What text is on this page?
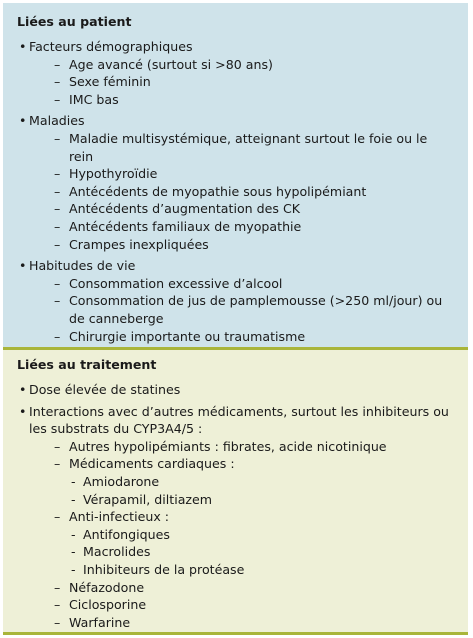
Liées au patient
• Facteurs démographiques
– Age avancé (surtout si >80 ans)
– Sexe féminin
– IMC bas
• Maladies
– Maladie multisystémique, atteignant surtout le foie ou le rein
– Hypothyroïdie
– Antécédents de myopathie sous hypolipémiant
– Antécédents d’augmentation des CK
– Antécédents familiaux de myopathie
– Crampes inexpliquées
• Habitudes de vie
– Consommation excessive d’alcool
– Consommation de jus de pamplemousse (>250 ml/jour) ou de canneberge
– Chirurgie importante ou traumatisme
Liées au traitement
• Dose élevée de statines
• Interactions avec d’autres médicaments, surtout les inhibiteurs ou les substrats du CYP3A4/5 :
– Autres hypolipémiants : fibrates, acide nicotinique
– Médicaments cardiaques :
- Amiodarone
- Vérapamil, diltiazem
– Anti-infectieux :
- Antifongiques
- Macrolides
- Inhibiteurs de la protéase
– Néfazodone
– Ciclosporine
– Warfarine
